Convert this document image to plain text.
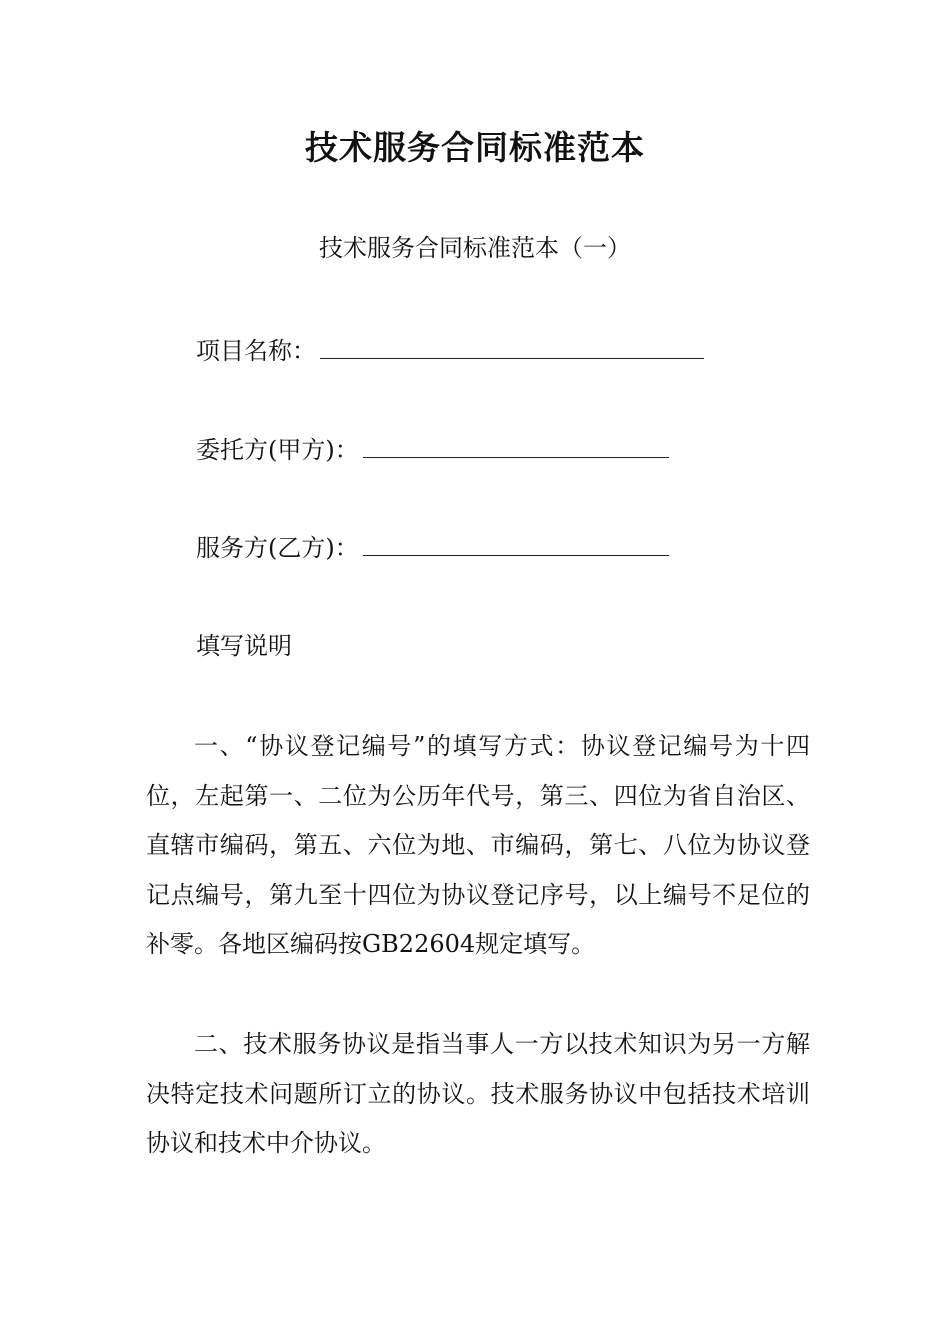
技术服务合同标准范本
技术服务合同标准范本（一）
项目名称：
委托方(甲方)：
服务方(乙方)：
填写说明

一、“协议登记编号”的填写方式：协议登记编号为十四位，左起第一、二位为公历年代号，第三、四位为省自治区、直辖市编码，第五、六位为地、市编码，第七、八位为协议登记点编号，第九至十四位为协议登记序号，以上编号不足位的补零。各地区编码按GB22604规定填写。

二、技术服务协议是指当事人一方以技术知识为另一方解决特定技术问题所订立的协议。技术服务协议中包括技术培训协议和技术中介协议。
